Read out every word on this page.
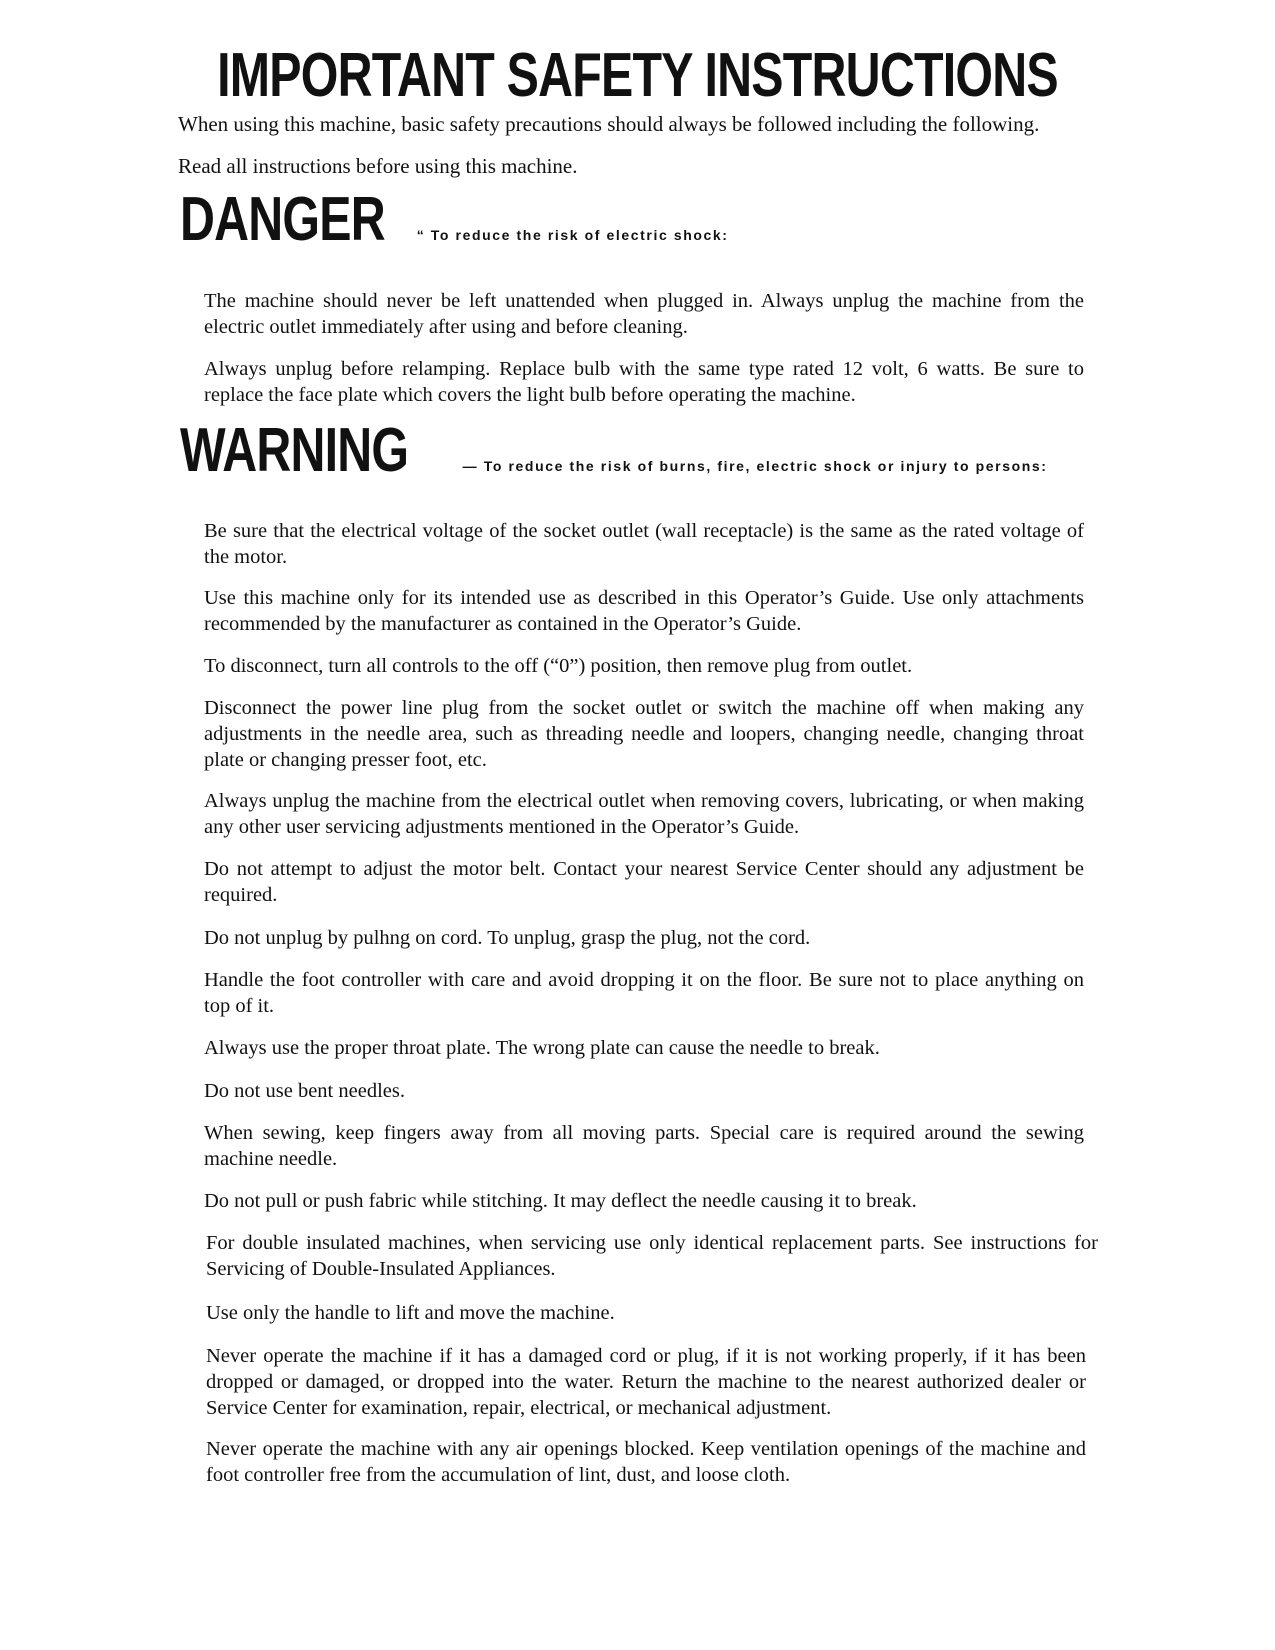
IMPORTANT SAFETY INSTRUCTIONS

When using this machine, basic safety precautions should always be followed including the following.

Read all instructions before using this machine.

DANGER “ To reduce the risk of electric shock:

The machine should never be left unattended when plugged in. Always unplug the machine from the electric outlet immediately after using and before cleaning.

Always unplug before relamping. Replace bulb with the same type rated 12 volt, 6 watts. Be sure to replace the face plate which covers the light bulb before operating the machine.

WARNING	— To reduce the risk of burns, fire, electric shock or injury to persons:

Be sure that the electrical voltage of the socket outlet (wall receptacle) is the same as the rated voltage of the motor.

Use this machine only for its intended use as described in this Operator’s Guide. Use only attachments recommended by the manufacturer as contained in the Operator’s Guide.

To disconnect, turn all controls to the off (“0”) position, then remove plug from outlet.

Disconnect the power line plug from the socket outlet or switch the machine off when making any adjustments in the needle area, such as threading needle and loopers, changing needle, changing throat plate or changing presser foot, etc.

Always unplug the machine from the electrical outlet when removing covers, lubricating, or when making any other user servicing adjustments mentioned in the Operator’s Guide.

Do not attempt to adjust the motor belt. Contact your nearest Service Center should any adjustment be required.

Do not unplug by pulhng on cord. To unplug, grasp the plug, not the cord.

Handle the foot controller with care and avoid dropping it on the floor. Be sure not to place anything on top of it.

Always use the proper throat plate. The wrong plate can cause the needle to break.

Do not use bent needles.

When sewing, keep fingers away from all moving parts. Special care is required around the sewing machine needle.

Do not pull or push fabric while stitching. It may deflect the needle causing it to break.

For double insulated machines, when servicing use only identical replacement parts. See instructions for Servicing of Double-Insulated Appliances.

Use only the handle to lift and move the machine.

Never operate the machine if it has a damaged cord or plug, if it is not working properly, if it has been dropped or damaged, or dropped into the water. Return the machine to the nearest authorized dealer or Service Center for examination, repair, electrical, or mechanical adjustment.

Never operate the machine with any air openings blocked. Keep ventilation openings of the machine and foot controller free from the accumulation of lint, dust, and loose cloth.
